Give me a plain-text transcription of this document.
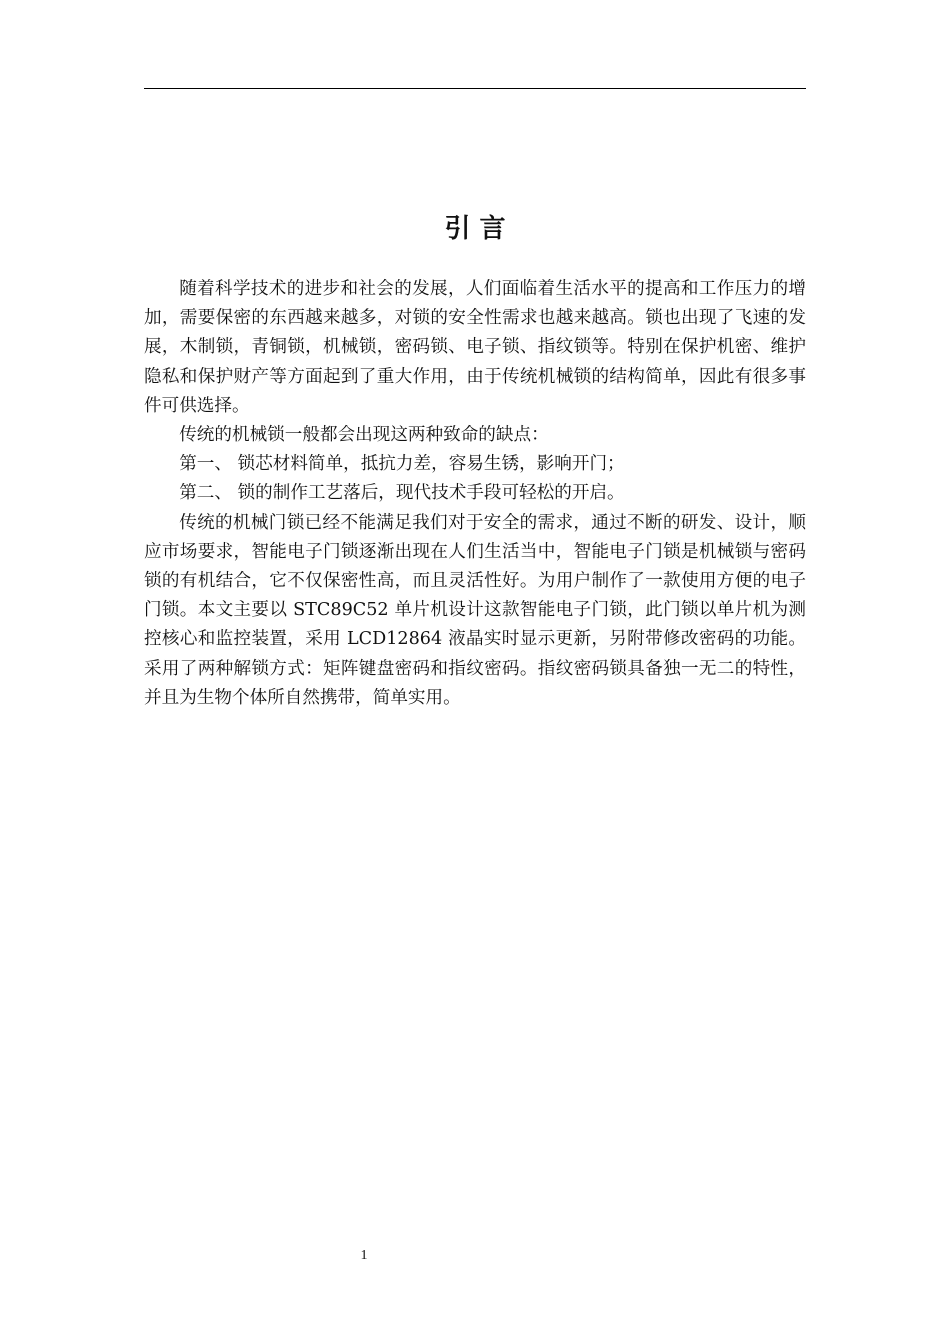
引 言

随着科学技术的进步和社会的发展，人们面临着生活水平的提高和工作压力的增加，需要保密的东西越来越多，对锁的安全性需求也越来越高。锁也出现了飞速的发展，木制锁，青铜锁，机械锁，密码锁、电子锁、指纹锁等。特别在保护机密、维护隐私和保护财产等方面起到了重大作用，由于传统机械锁的结构简单，因此有很多事件可供选择。

传统的机械锁一般都会出现这两种致命的缺点：

第一、 锁芯材料简单，抵抗力差，容易生锈，影响开门；

第二、 锁的制作工艺落后，现代技术手段可轻松的开启。

传统的机械门锁已经不能满足我们对于安全的需求，通过不断的研发、设计，顺应市场要求，智能电子门锁逐渐出现在人们生活当中，智能电子门锁是机械锁与密码锁的有机结合，它不仅保密性高，而且灵活性好。为用户制作了一款使用方便的电子门锁。本文主要以 STC89C52 单片机设计这款智能电子门锁，此门锁以单片机为测控核心和监控装置，采用 LCD12864 液晶实时显示更新，另附带修改密码的功能。采用了两种解锁方式：矩阵键盘密码和指纹密码。指纹密码锁具备独一无二的特性，并且为生物个体所自然携带，简单实用。

1
